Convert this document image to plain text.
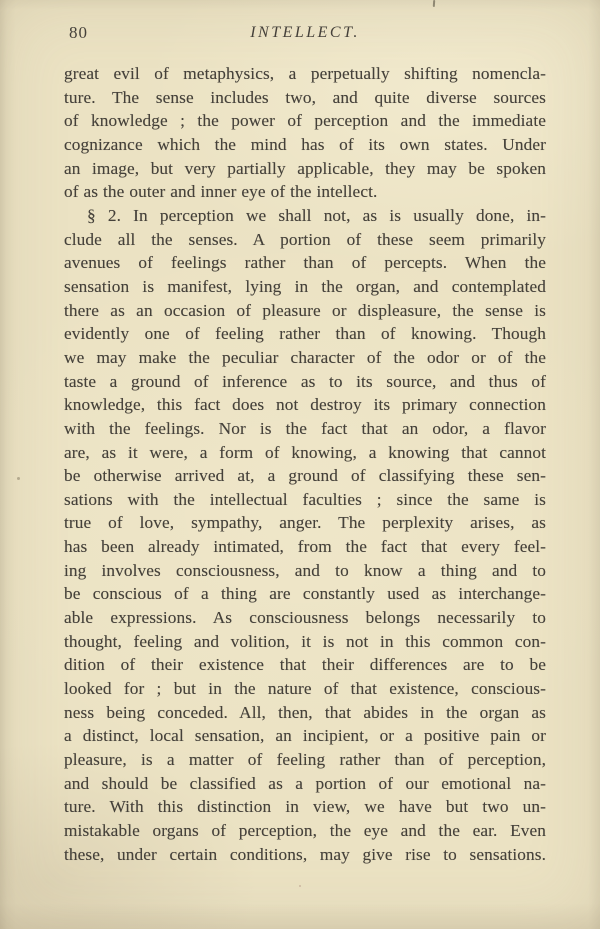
80	INTELLECT.
great evil of metaphysics, a perpetually shifting nomencla-
ture. The sense includes two, and quite diverse sources
of knowledge ; the power of perception and the immediate
cognizance which the mind has of its own states. Under
an image, but very partially applicable, they may be spoken
of as the outer and inner eye of the intellect.
§ 2. In perception we shall not, as is usually done, in-
clude all the senses. A portion of these seem primarily
avenues of feelings rather than of percepts. When the
sensation is manifest, lying in the organ, and contemplated
there as an occasion of pleasure or displeasure, the sense is
evidently one of feeling rather than of knowing. Though
we may make the peculiar character of the odor or of the
taste a ground of inference as to its source, and thus of
knowledge, this fact does not destroy its primary connection
with the feelings. Nor is the fact that an odor, a flavor
are, as it were, a form of knowing, a knowing that cannot
be otherwise arrived at, a ground of classifying these sen-
sations with the intellectual faculties ; since the same is
true of love, sympathy, anger. The perplexity arises, as
has been already intimated, from the fact that every feel-
ing involves consciousness, and to know a thing and to
be conscious of a thing are constantly used as interchange-
able expressions. As consciousness belongs necessarily to
thought, feeling and volition, it is not in this common con-
dition of their existence that their differences are to be
looked for ; but in the nature of that existence, conscious-
ness being conceded. All, then, that abides in the organ as
a distinct, local sensation, an incipient, or a positive pain or
pleasure, is a matter of feeling rather than of perception,
and should be classified as a portion of our emotional na-
ture. With this distinction in view, we have but two un-
mistakable organs of perception, the eye and the ear. Even
these, under certain conditions, may give rise to sensations.
